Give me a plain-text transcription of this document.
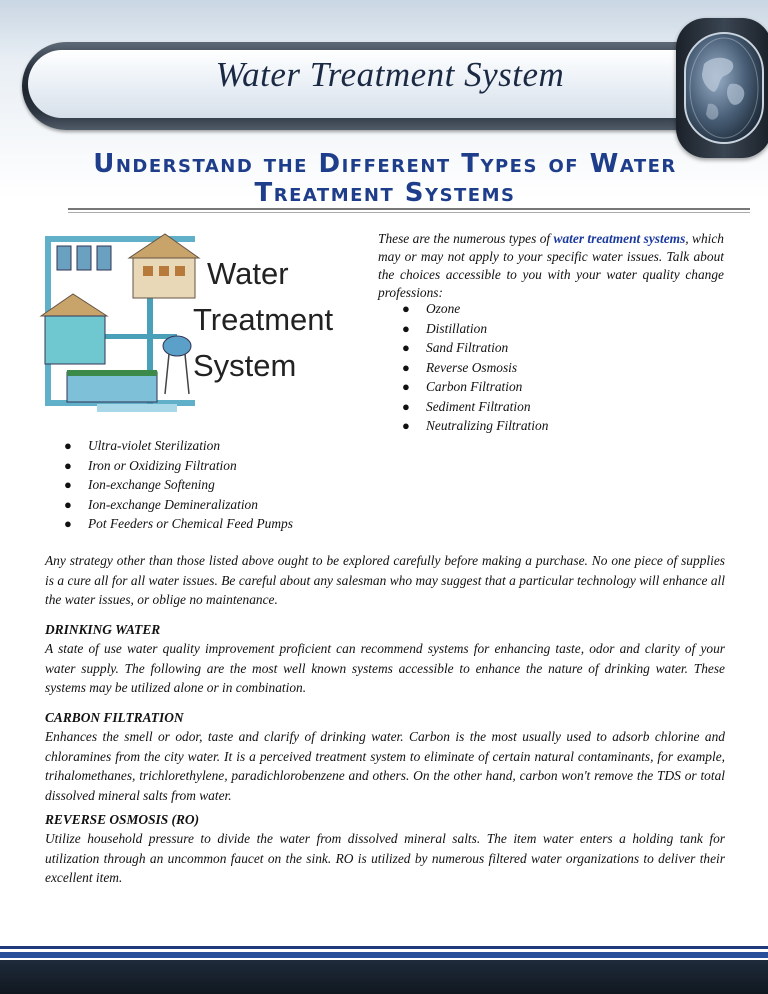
Water Treatment System
Understand the Different Types of Water Treatment Systems
Water
Treatment
System
These are the numerous types of water treatment systems, which may or may not apply to your specific water issues. Talk about the choices accessible to you with your water quality change professions:
● Ozone
● Distillation
● Sand Filtration
● Reverse Osmosis
● Carbon Filtration
● Sediment Filtration
● Neutralizing Filtration
● Ultra-violet Sterilization
● Iron or Oxidizing Filtration
● Ion-exchange Softening
● Ion-exchange Demineralization
● Pot Feeders or Chemical Feed Pumps
Any strategy other than those listed above ought to be explored carefully before making a purchase. No one piece of supplies is a cure all for all water issues. Be careful about any salesman who may suggest that a particular technology will enhance all the water issues, or oblige no maintenance.
DRINKING WATER
A state of use water quality improvement proficient can recommend systems for enhancing taste, odor and clarity of your water supply. The following are the most well known systems accessible to enhance the nature of drinking water. These systems may be utilized alone or in combination.
CARBON FILTRATION
Enhances the smell or odor, taste and clarify of drinking water. Carbon is the most usually used to adsorb chlorine and chloramines from the city water. It is a perceived treatment system to eliminate of certain natural contaminants, for example, trihalomethanes, trichlorethylene, paradichlorobenzene and others. On the other hand, carbon won't remove the TDS or total dissolved mineral salts from water.
REVERSE OSMOSIS (RO)
Utilize household pressure to divide the water from dissolved mineral salts. The item water enters a holding tank for utilization through an uncommon faucet on the sink. RO is utilized by numerous filtered water organizations to deliver their excellent item.
